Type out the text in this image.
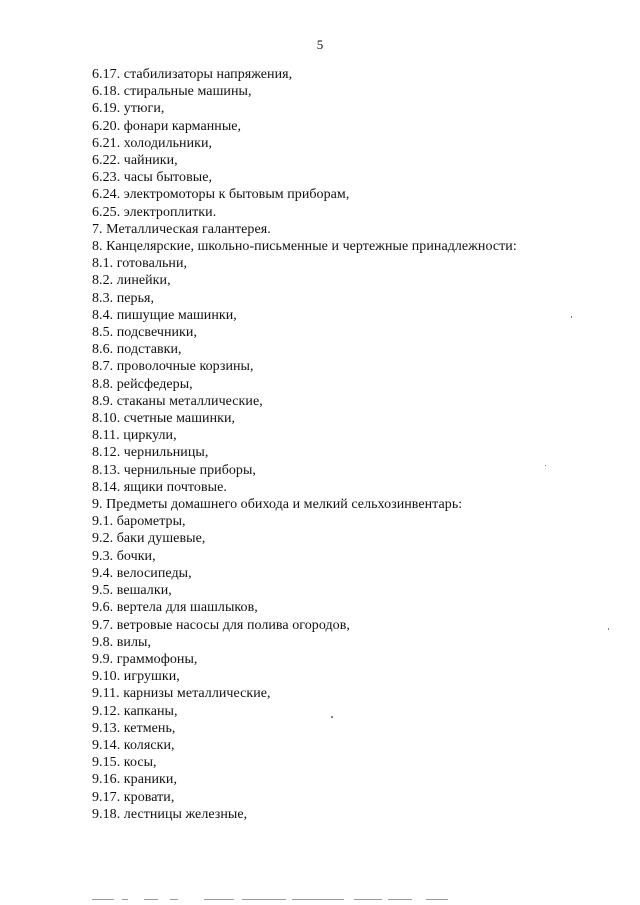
5
6.17. стабилизаторы напряжения,
6.18. стиральные машины,
6.19. утюги,
6.20. фонари карманные,
6.21. холодильники,
6.22. чайники,
6.23. часы бытовые,
6.24. электромоторы к бытовым приборам,
6.25. электроплитки.
7. Металлическая галантерея.
8. Канцелярские, школьно-письменные и чертежные принадлежности:
8.1. готовальни,
8.2. линейки,
8.3. перья,
8.4. пишущие машинки,
8.5. подсвечники,
8.6. подставки,
8.7. проволочные корзины,
8.8. рейсфедеры,
8.9. стаканы металлические,
8.10. счетные машинки,
8.11. циркули,
8.12. чернильницы,
8.13. чернильные приборы,
8.14. ящики почтовые.
9. Предметы домашнего обихода и мелкий сельхозинвентарь:
9.1. барометры,
9.2. баки душевые,
9.3. бочки,
9.4. велосипеды,
9.5. вешалки,
9.6. вертела для шашлыков,
9.7. ветровые насосы для полива огородов,
9.8. вилы,
9.9. граммофоны,
9.10. игрушки,
9.11. карнизы металлические,
9.12. капканы,
9.13. кетмень,
9.14. коляски,
9.15. косы,
9.16. краники,
9.17. кровати,
9.18. лестницы железные,
